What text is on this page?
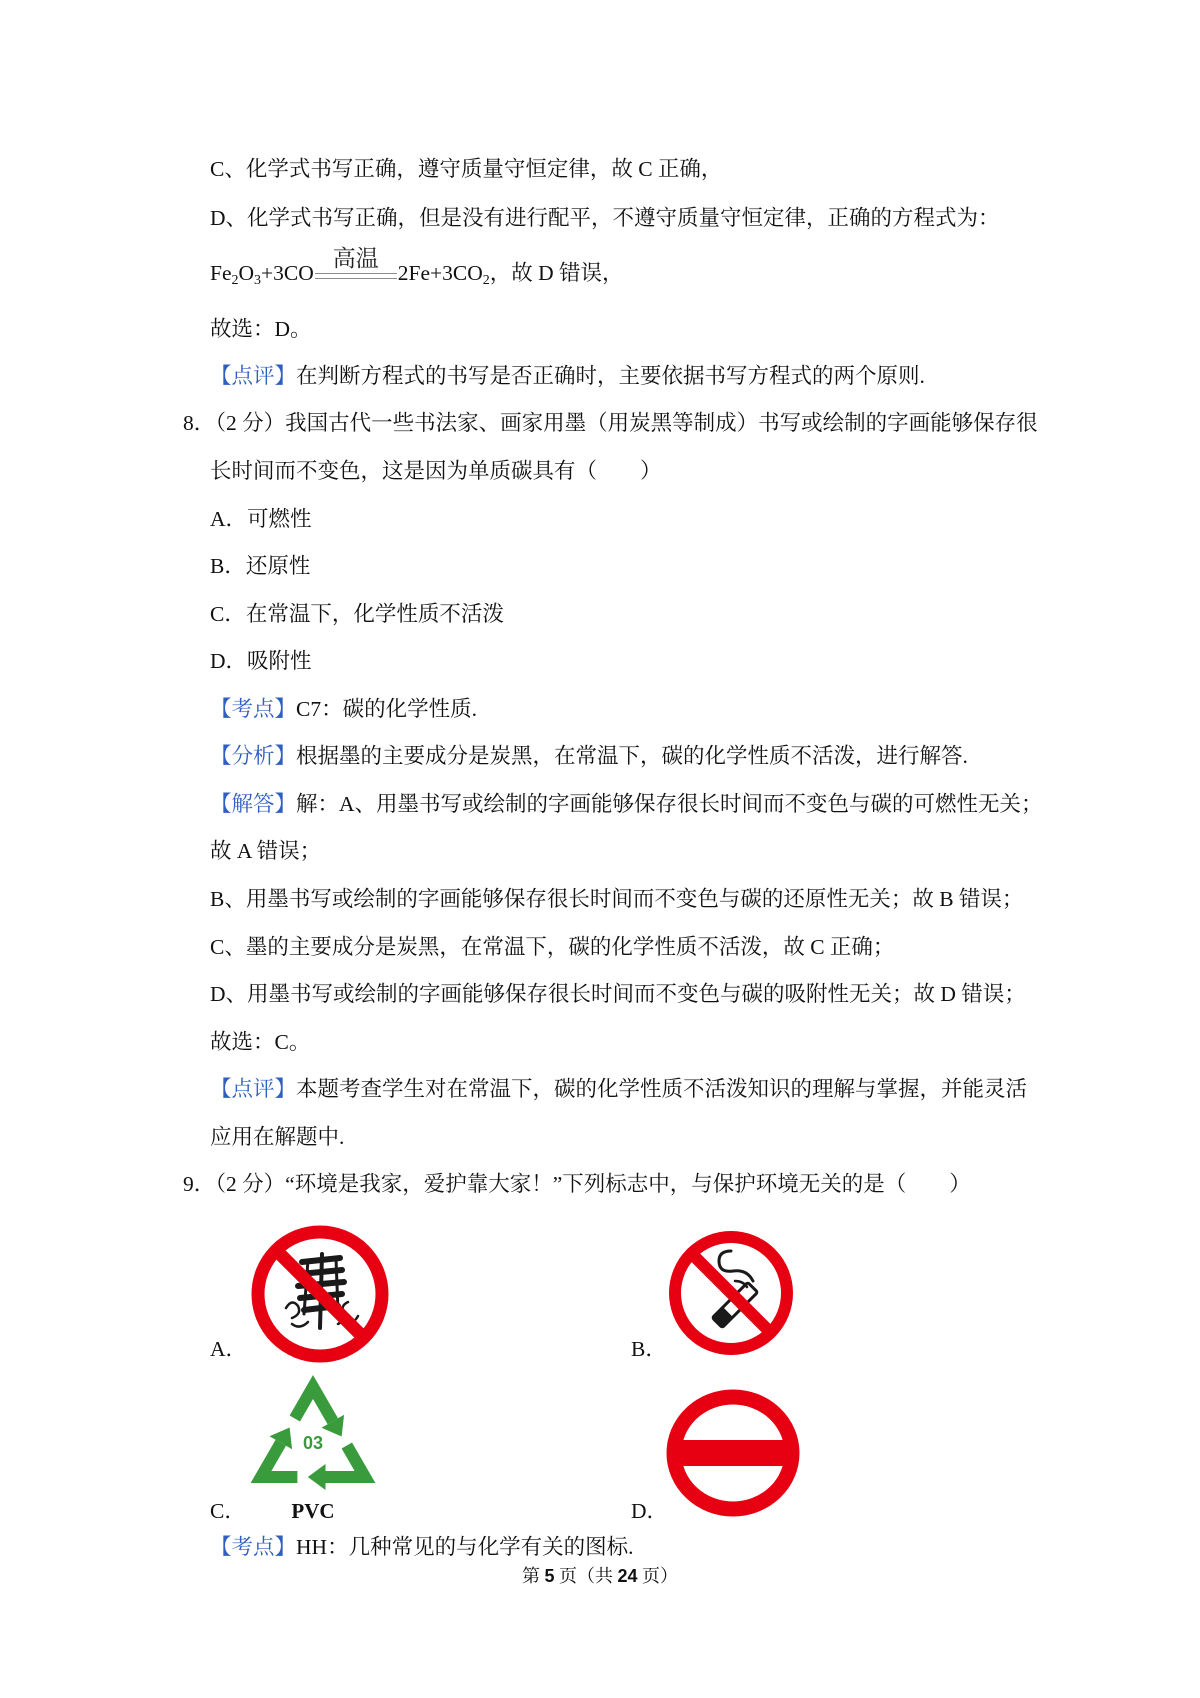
C、化学式书写正确，遵守质量守恒定律，故 C 正确，
D、化学式书写正确，但是没有进行配平，不遵守质量守恒定律，正确的方程式为：
$Fe_2O_3+3CO$
高温
$2Fe+3CO_2$，故 D 错误，
故选：D。
【点评】在判断方程式的书写是否正确时，主要依据书写方程式的两个原则.
8．（2 分）我国古代一些书法家、画家用墨（用炭黑等制成）书写或绘制的字画能够保存很
长时间而不变色，这是因为单质碳具有（　　）
A．可燃性
B．还原性
C．在常温下，化学性质不活泼
D．吸附性
【考点】C7：碳的化学性质.
【分析】根据墨的主要成分是炭黑，在常温下，碳的化学性质不活泼，进行解答.
【解答】解：A、用墨书写或绘制的字画能够保存很长时间而不变色与碳的可燃性无关；
故 A 错误；
B、用墨书写或绘制的字画能够保存很长时间而不变色与碳的还原性无关；故 B 错误；
C、墨的主要成分是炭黑，在常温下，碳的化学性质不活泼，故 C 正确；
D、用墨书写或绘制的字画能够保存很长时间而不变色与碳的吸附性无关；故 D 错误；
故选：C。
【点评】本题考查学生对在常温下，碳的化学性质不活泼知识的理解与掌握，并能灵活
应用在解题中.
9．（2 分）“环境是我家，爱护靠大家！”下列标志中，与保护环境无关的是（　　）
A．	B．
03
PVC
C．	D．
【考点】HH：几种常见的与化学有关的图标.
第 5 页（共 24 页）
